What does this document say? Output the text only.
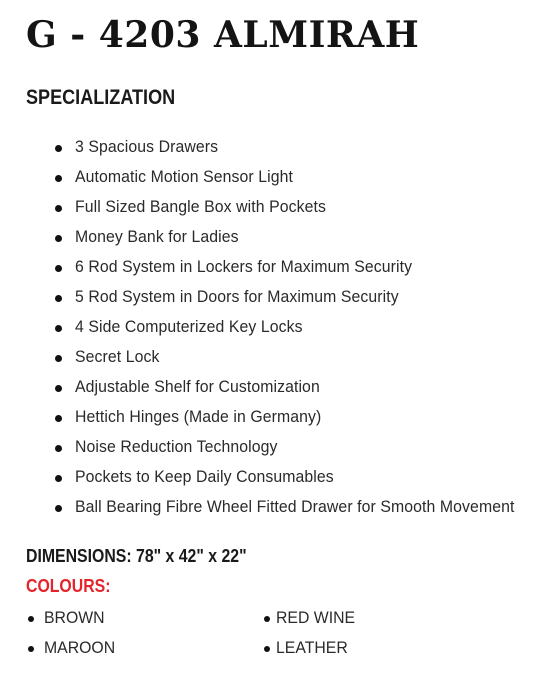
G - 4203 ALMIRAH
SPECIALIZATION
3 Spacious Drawers
Automatic Motion Sensor Light
Full Sized Bangle Box with Pockets
Money Bank for Ladies
6 Rod System in Lockers for Maximum Security
5 Rod System in Doors for Maximum Security
4 Side Computerized Key Locks
Secret Lock
Adjustable Shelf for Customization
Hettich Hinges (Made in Germany)
Noise Reduction Technology
Pockets to Keep Daily Consumables
Ball Bearing Fibre Wheel Fitted Drawer for Smooth Movement
DIMENSIONS: 78" x 42" x 22"
COLOURS:
BROWN	RED WINE
MAROON	LEATHER
